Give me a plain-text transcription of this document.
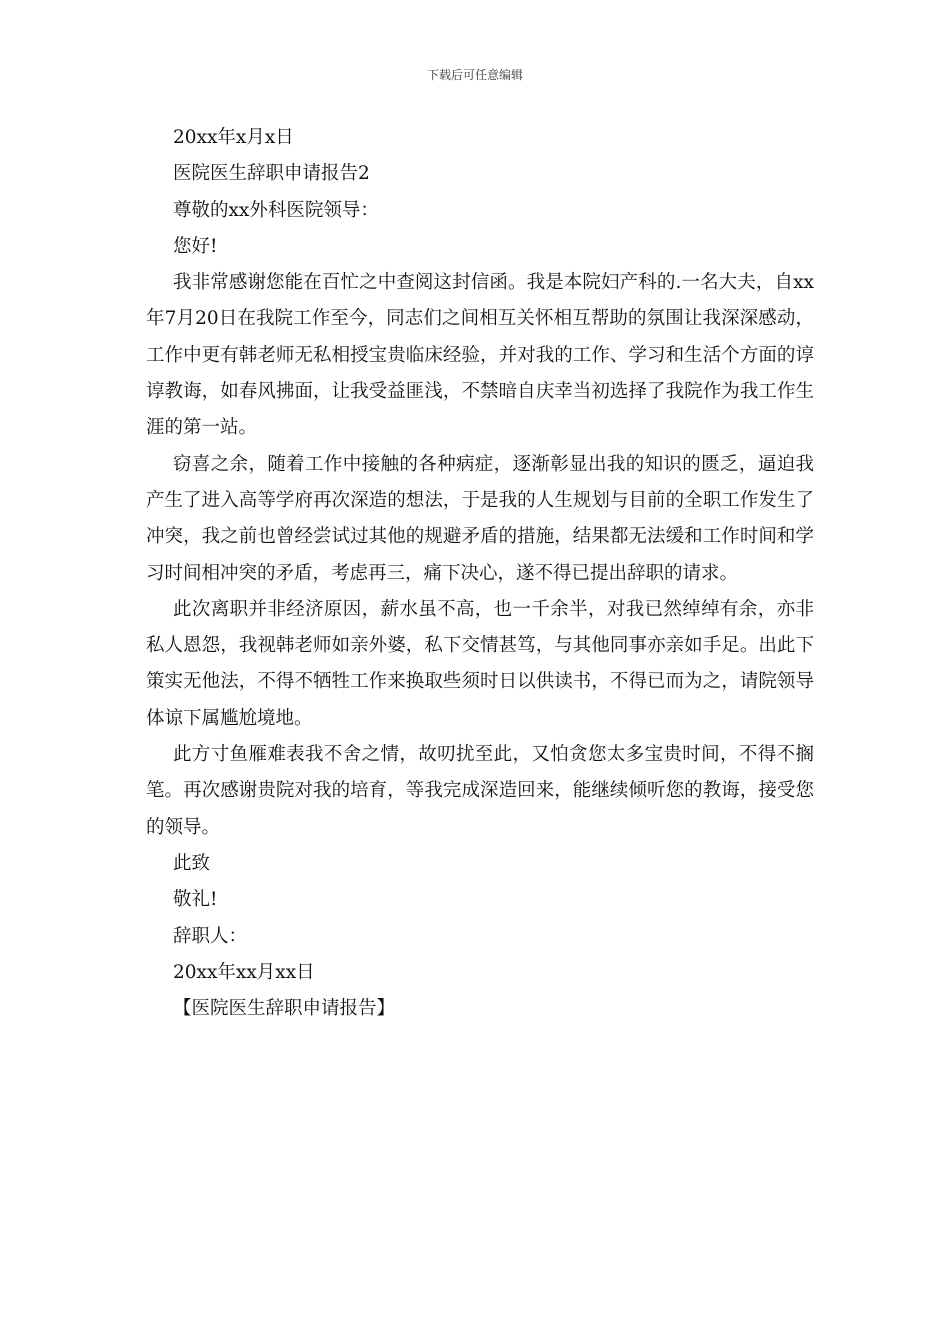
下载后可任意编辑

20xx年x月x日

医院医生辞职申请报告2

尊敬的xx外科医院领导：

您好!

我非常感谢您能在百忙之中查阅这封信函。我是本院妇产科的.一名大夫，自xx年7月20日在我院工作至今，同志们之间相互关怀相互帮助的氛围让我深深感动，工作中更有韩老师无私相授宝贵临床经验，并对我的工作、学习和生活个方面的谆谆教诲，如春风拂面，让我受益匪浅，不禁暗自庆幸当初选择了我院作为我工作生涯的第一站。

窃喜之余，随着工作中接触的各种病症，逐渐彰显出我的知识的匮乏，逼迫我产生了进入高等学府再次深造的想法，于是我的人生规划与目前的全职工作发生了冲突，我之前也曾经尝试过其他的规避矛盾的措施，结果都无法缓和工作时间和学习时间相冲突的矛盾，考虑再三，痛下决心，遂不得已提出辞职的请求。

此次离职并非经济原因，薪水虽不高，也一千余半，对我已然绰绰有余，亦非私人恩怨，我视韩老师如亲外婆，私下交情甚笃，与其他同事亦亲如手足。出此下策实无他法，不得不牺牲工作来换取些须时日以供读书，不得已而为之，请院领导体谅下属尴尬境地。

此方寸鱼雁难表我不舍之情，故叨扰至此，又怕贪您太多宝贵时间，不得不搁笔。再次感谢贵院对我的培育，等我完成深造回来，能继续倾听您的教诲，接受您的领导。

此致

敬礼!

辞职人：

20xx年xx月xx日

【医院医生辞职申请报告】
